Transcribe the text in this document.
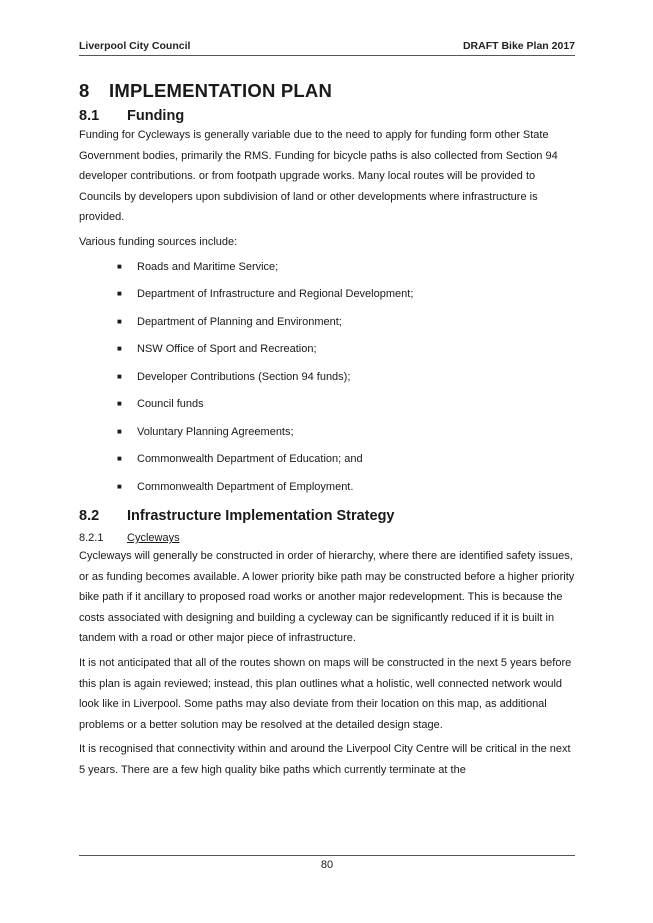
Liverpool City Council	DRAFT Bike Plan 2017
8	IMPLEMENTATION PLAN
8.1	Funding

Funding for Cycleways is generally variable due to the need to apply for funding form other State Government bodies, primarily the RMS. Funding for bicycle paths is also collected from Section 94 developer contributions. or from footpath upgrade works. Many local routes will be provided to Councils by developers upon subdivision of land or other developments where infrastructure is provided.

Various funding sources include:

■	Roads and Maritime Service;
■	Department of Infrastructure and Regional Development;
■	Department of Planning and Environment;
■	NSW Office of Sport and Recreation;
■	Developer Contributions (Section 94 funds);
■	Council funds
■	Voluntary Planning Agreements;
■	Commonwealth Department of Education; and
■	Commonwealth Department of Employment.
8.2	Infrastructure Implementation Strategy
8.2.1	Cycleways

Cycleways will generally be constructed in order of hierarchy, where there are identified safety issues, or as funding becomes available. A lower priority bike path may be constructed before a higher priority bike path if it ancillary to proposed road works or another major redevelopment. This is because the costs associated with designing and building a cycleway can be significantly reduced if it is built in tandem with a road or other major piece of infrastructure.

It is not anticipated that all of the routes shown on maps will be constructed in the next 5 years before this plan is again reviewed; instead, this plan outlines what a holistic, well connected network would look like in Liverpool. Some paths may also deviate from their location on this map, as additional problems or a better solution may be resolved at the detailed design stage.

It is recognised that connectivity within and around the Liverpool City Centre will be critical in the next 5 years. There are a few high quality bike paths which currently terminate at the

80
